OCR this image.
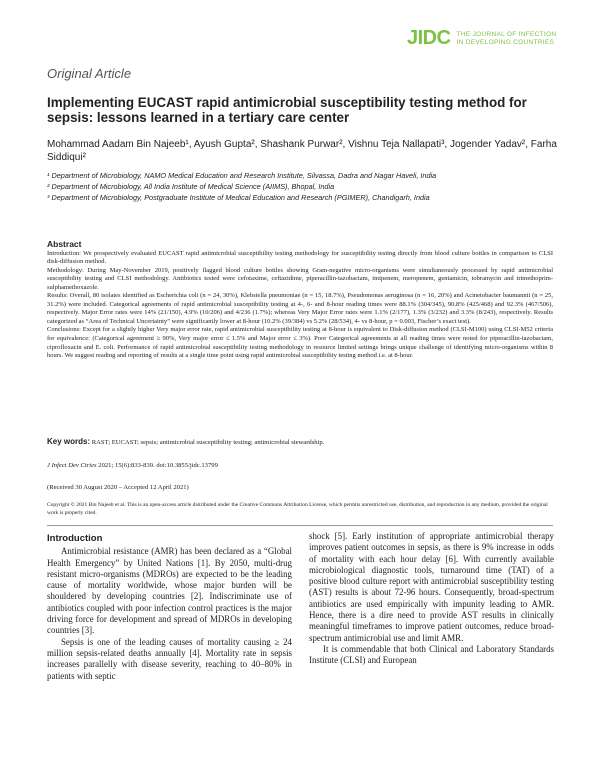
JIDC THE JOURNAL OF INFECTION
IN DEVELOPING COUNTRIES
Original Article
Implementing EUCAST rapid antimicrobial susceptibility testing method for sepsis: lessons learned in a tertiary care center

Mohammad Aadam Bin Najeeb¹, Ayush Gupta², Shashank Purwar², Vishnu Teja Nallapati³, Jogender Yadav², Farha Siddiqui²

¹ Department of Microbiology, NAMO Medical Education and Research Institute, Silvassa, Dadra and Nagar Haveli, India

² Department of Microbiology, All India Institute of Medical Science (AIIMS), Bhopal, India

³ Department of Microbiology, Postgraduate Institute of Medical Education and Research (PGIMER), Chandigarh, India

Abstract

Introduction: We prospectively evaluated EUCAST rapid antimicrobial susceptibility testing methodology for susceptibility testing directly from blood culture bottles in comparison to CLSI disk-diffusion method.

Methodology: During May-November 2019, positively flagged blood culture bottles showing Gram-negative micro-organisms were simultaneously processed by rapid antimicrobial susceptibility testing and CLSI methodology. Antibiotics tested were cefotaxime, ceftazidime, piperacillin-tazobactam, imipenem, meropenem, gentamicin, tobramycin and trimethoprim-sulphamethoxazole.

Results: Overall, 80 isolates identified as Escherichia coli (n = 24, 30%), Klebsiella pneumoniae (n = 15, 18.7%), Pseudomonas aeruginosa (n = 16, 20%) and Acinetobacter baumannii (n = 25, 31.2%) were included. Categorical agreements of rapid antimicrobial susceptibility testing at 4-, 6- and 8-hour reading times were 88.1% (304/345), 90.8% (425/468) and 92.3% (467/506), respectively. Major Error rates were 14% (21/150), 4.9% (10/206) and 4/236 (1.7%); whereas Very Major Error rates were 1.1% (2/177), 1.3% (3/232) and 3.3% (8/243), respectively. Results categorized as “Area of Technical Uncertainty” were significantly lower at 8-hour (10.2% (39/384) vs 5.2% (28/534), 4- vs 8-hour, p = 0.003, Fischer’s exact test).

Conclusions: Except for a slightly higher Very major error rate, rapid antimicrobial susceptibility testing at 8-hour is equivalent to Disk-diffusion method (CLSI-M100) using CLSI-M52 criteria for equivalence: (Categorical agreement ≥ 90%, Very major error ≤ 1.5% and Major error ≤ 3%). Poor Categorical agreements at all reading times were noted for piperacillin-tazobactam, ciprofloxacin and E. coli. Performance of rapid antimicrobial susceptibility testing methodology in resource limited settings brings unique challenge of identifying micro-organisms within 8 hours. We suggest reading and reporting of results at a single time point using rapid antimicrobial susceptibility testing method i.e. at 8-hour.

Key words: RAST; EUCAST; sepsis; antimicrobial susceptibility testing; antimicrobial stewardship.
J Infect Dev Ctries 2021; 15(6):833-839. doi:10.3855/jidc.13799
(Received 30 August 2020 – Accepted 12 April 2021)

Copyright © 2021 Bin Najeeb et al. This is an open-access article distributed under the Creative Commons Attribution License, which permits unrestricted use, distribution, and reproduction in any medium, provided the original work is properly cited.

Introduction

Antimicrobial resistance (AMR) has been declared as a “Global Health Emergency” by United Nations [1]. By 2050, multi-drug resistant micro-organisms (MDROs) are expected to be the leading cause of mortality worldwide, whose major burden will be shouldered by developing countries [2]. Indiscriminate use of antibiotics coupled with poor infection control practices is the major driving force for development and spread of MDROs in developing countries [3].

Sepsis is one of the leading causes of mortality causing ≥ 24 million sepsis-related deaths annually [4]. Mortality rate in sepsis increases parallelly with disease severity, reaching to 40–80% in patients with septic

shock [5]. Early institution of appropriate antimicrobial therapy improves patient outcomes in sepsis, as there is 9% increase in odds of mortality with each hour delay [6]. With currently available microbiological diagnostic tools, turnaround time (TAT) of a positive blood culture report with antimicrobial susceptibility testing (AST) results is about 72-96 hours. Consequently, broad-spectrum antibiotics are used empirically with impunity leading to AMR. Hence, there is a dire need to provide AST results in clinically meaningful timeframes to improve patient outcomes, reduce broad-spectrum antimicrobial use and limit AMR.

It is commendable that both Clinical and Laboratory Standards Institute (CLSI) and European
